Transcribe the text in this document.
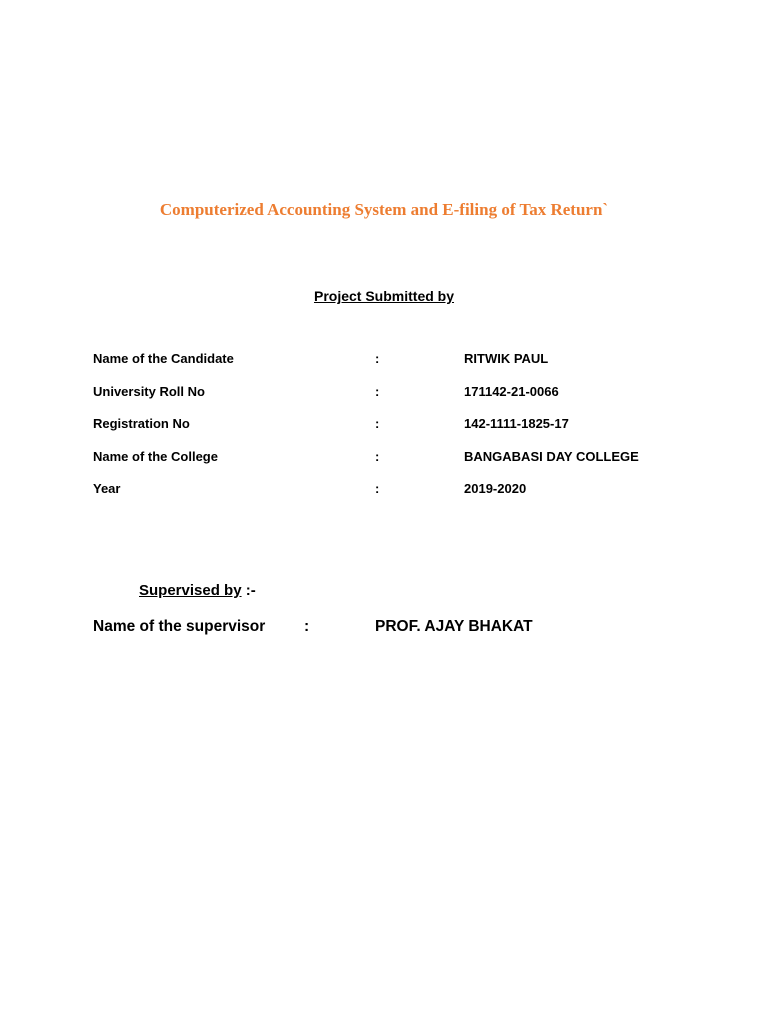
Computerized Accounting System and E-filing of Tax Return`
Project Submitted by
Name of the Candidate	:	RITWIK PAUL
University Roll No	:	171142-21-0066
Registration No	:	142-1111-1825-17
Name of the College	:	BANGABASI DAY COLLEGE
Year	:	2019-2020
Supervised by :-
Name of the supervisor :	PROF. AJAY BHAKAT
